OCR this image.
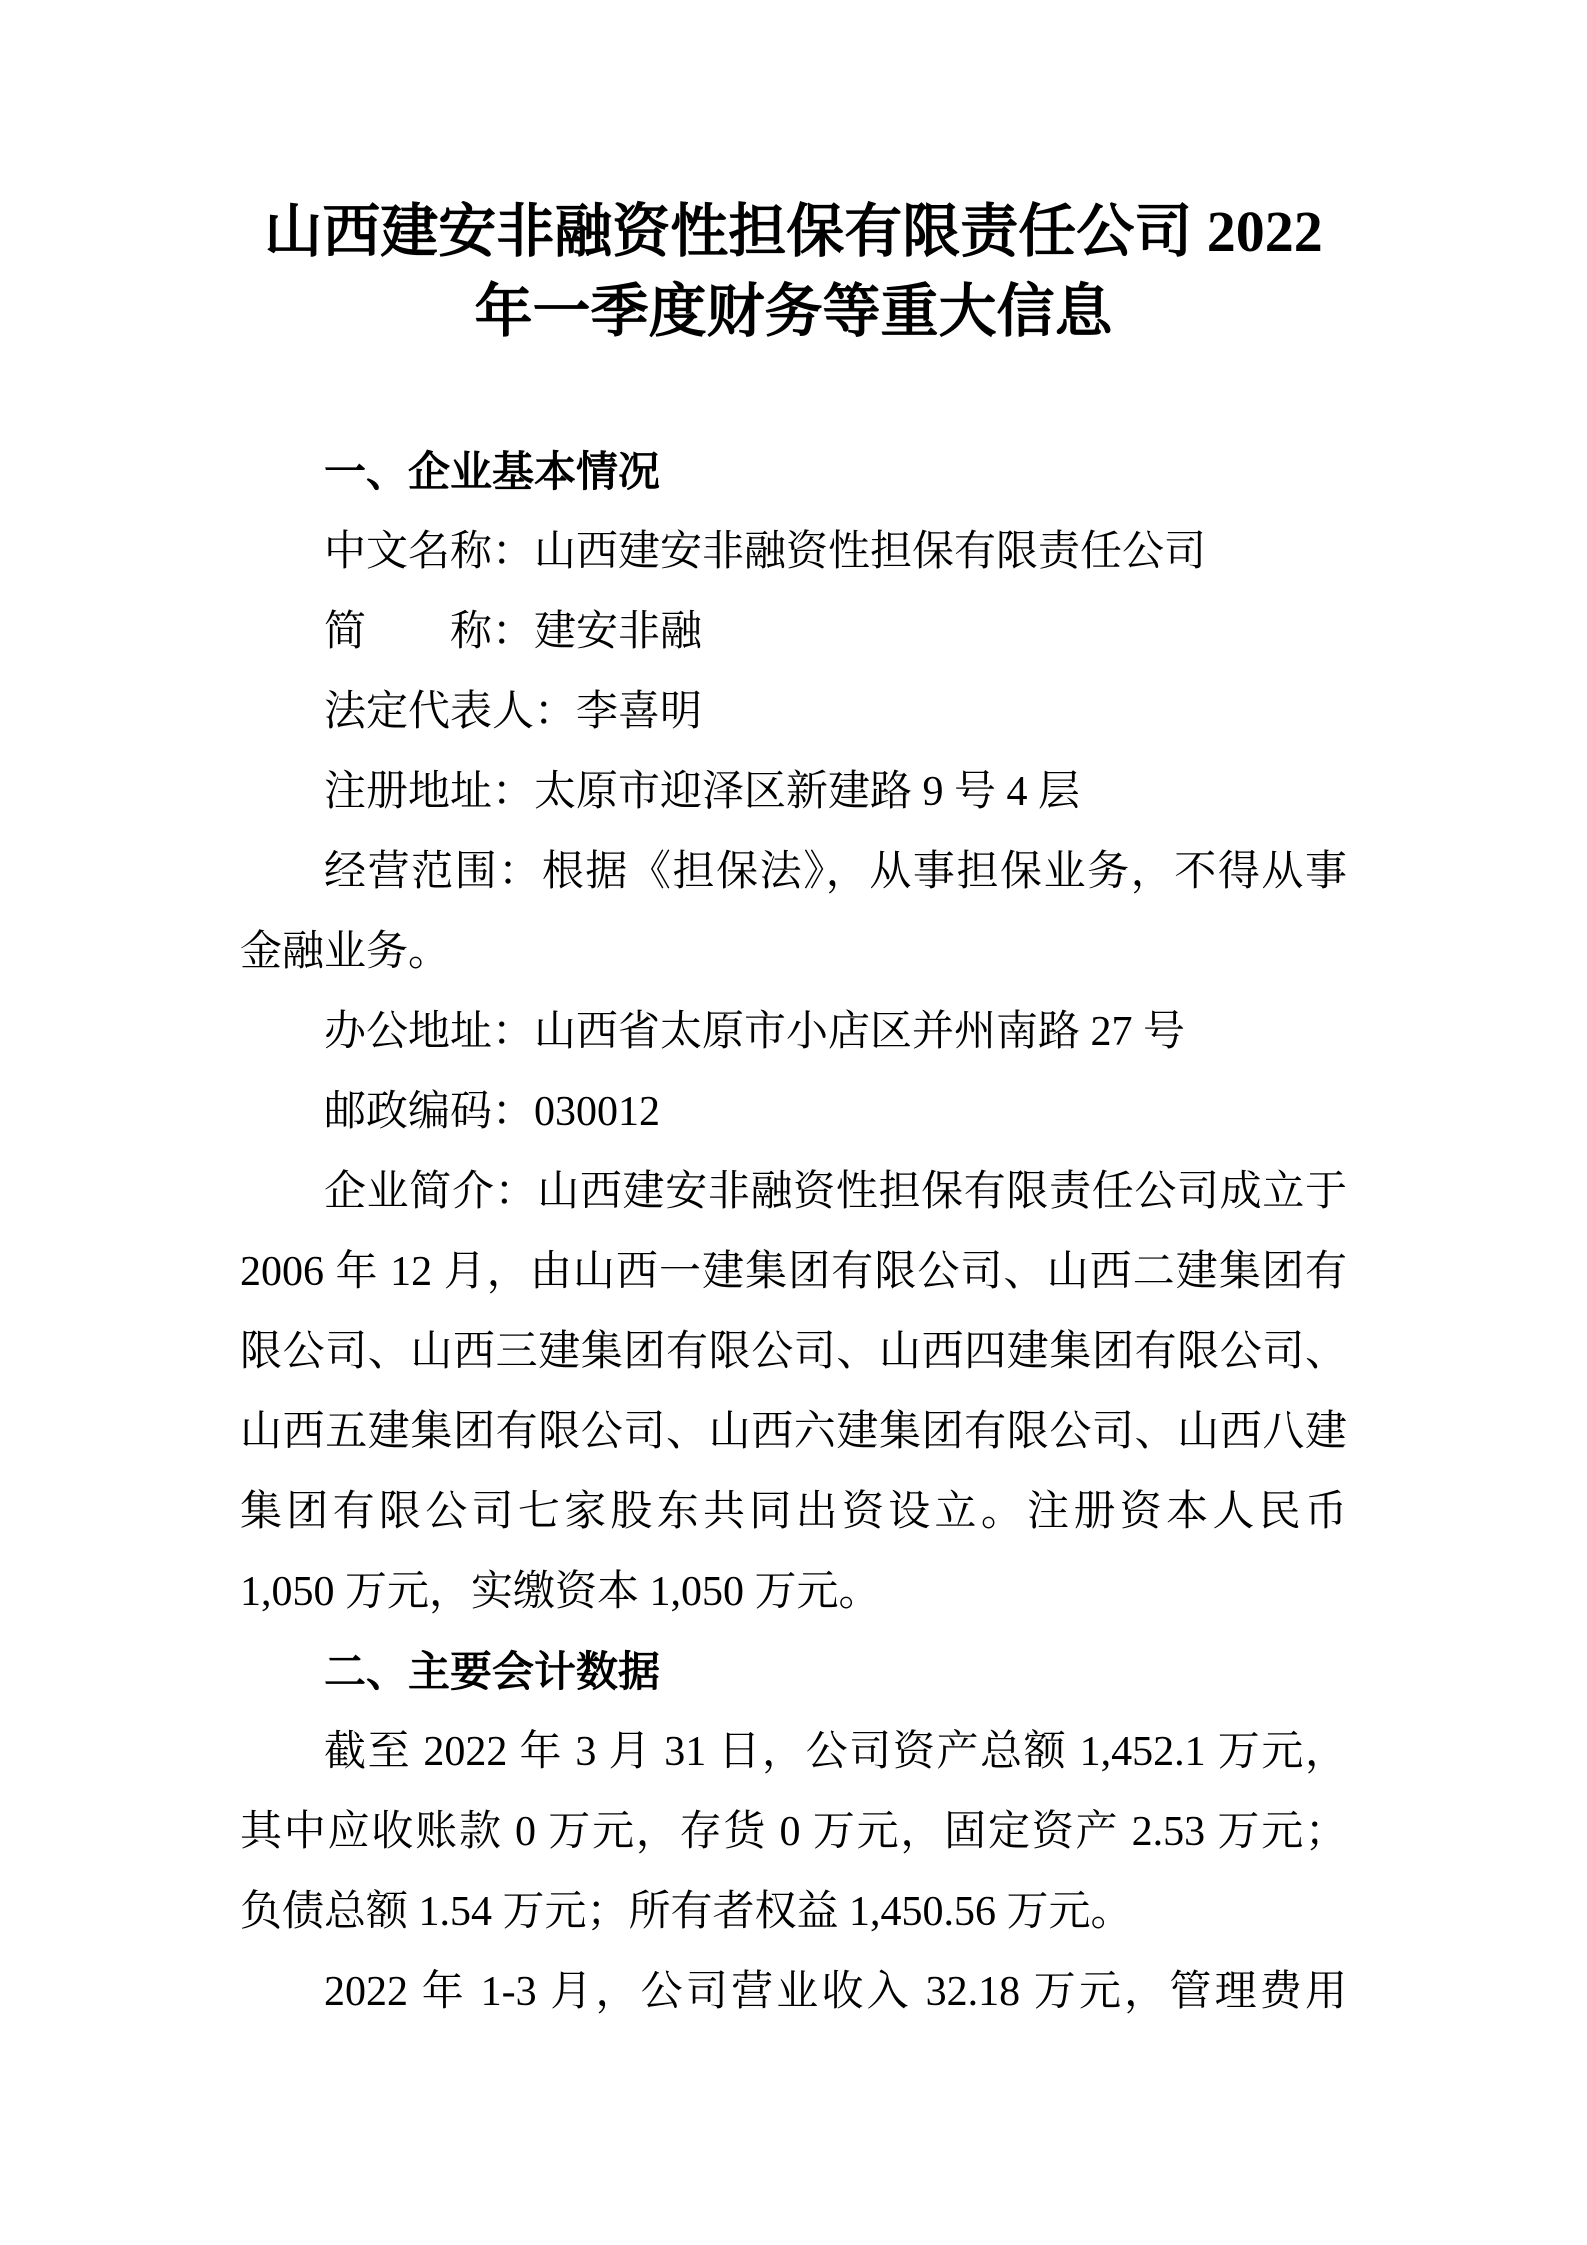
山西建安非融资性担保有限责任公司 2022
年一季度财务等重大信息
一、企业基本情况
中文名称：山西建安非融资性担保有限责任公司
简　　称：建安非融
法定代表人：李喜明
注册地址：太原市迎泽区新建路 9 号 4 层
经营范围：根据《担保法》，从事担保业务，不得从事
金融业务。
办公地址：山西省太原市小店区并州南路 27 号
邮政编码：030012
企业简介：山西建安非融资性担保有限责任公司成立于
2006 年 12 月，由山西一建集团有限公司、山西二建集团有
限公司、山西三建集团有限公司、山西四建集团有限公司、
山西五建集团有限公司、山西六建集团有限公司、山西八建
集团有限公司七家股东共同出资设立。注册资本人民币
1,050 万元，实缴资本 1,050 万元。
二、主要会计数据
截至 2022 年 3 月 31 日，公司资产总额 1,452.1 万元，
其中应收账款 0 万元，存货 0 万元，固定资产 2.53 万元；
负债总额 1.54 万元；所有者权益 1,450.56 万元。
2022 年 1-3 月，公司营业收入 32.18 万元，管理费用
